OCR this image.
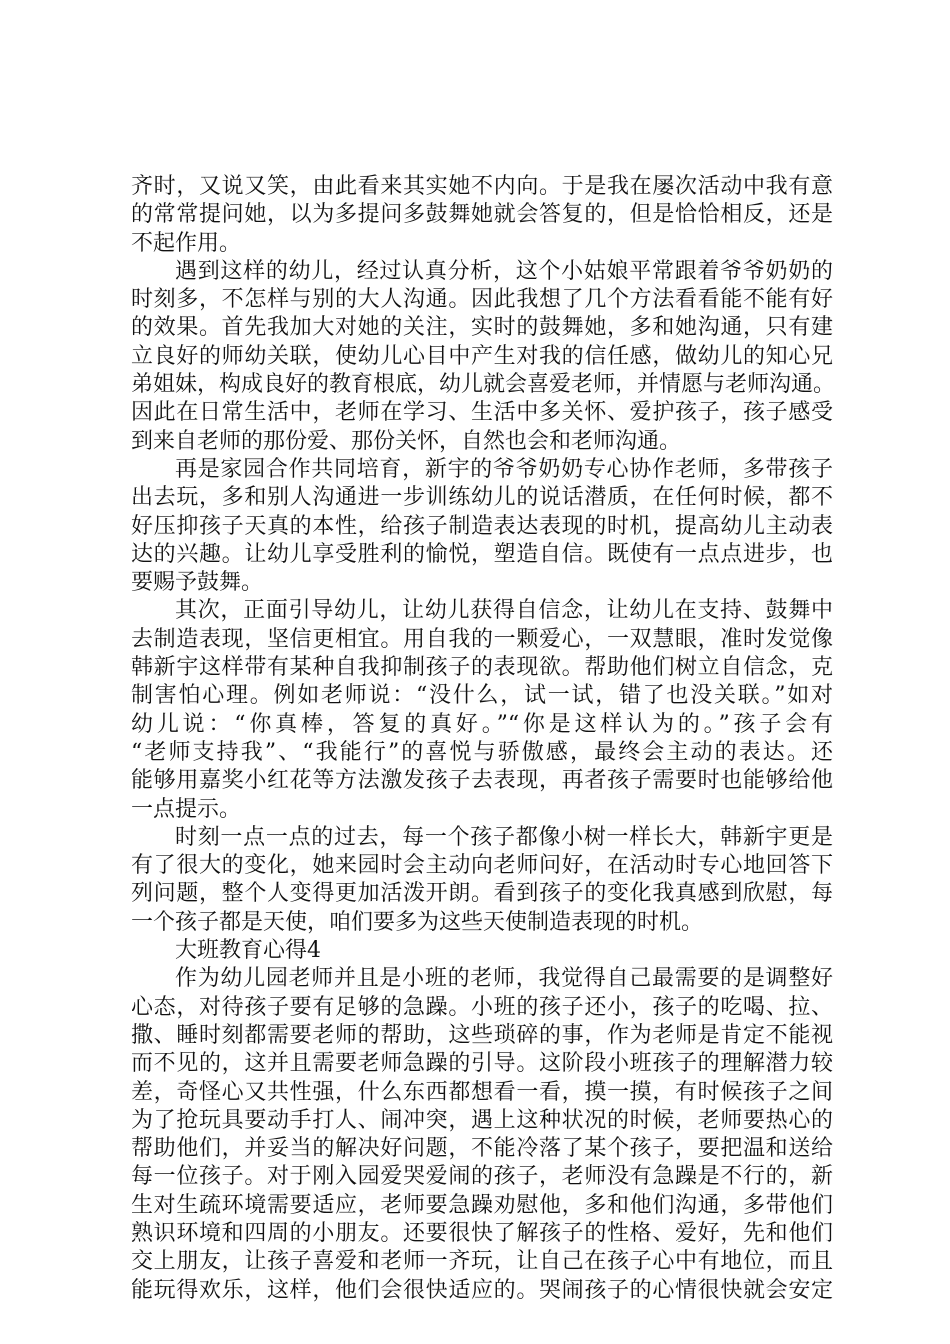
齐时，又说又笑，由此看来其实她不内向。于是我在屡次活动中我有意
的常常提问她，以为多提问多鼓舞她就会答复的，但是恰恰相反，还是
不起作用。
遇到这样的幼儿，经过认真分析，这个小姑娘平常跟着爷爷奶奶的
时刻多，不怎样与别的大人沟通。因此我想了几个方法看看能不能有好
的效果。首先我加大对她的关注，实时的鼓舞她，多和她沟通，只有建
立良好的师幼关联，使幼儿心目中产生对我的信任感，做幼儿的知心兄
弟姐妹，构成良好的教育根底，幼儿就会喜爱老师，并情愿与老师沟通。
因此在日常生活中，老师在学习、生活中多关怀、爱护孩子，孩子感受
到来自老师的那份爱、那份关怀，自然也会和老师沟通。
再是家园合作共同培育，新宇的爷爷奶奶专心协作老师，多带孩子
出去玩，多和别人沟通进一步训练幼儿的说话潜质，在任何时候，都不
好压抑孩子天真的本性，给孩子制造表达表现的时机，提高幼儿主动表
达的兴趣。让幼儿享受胜利的愉悦，塑造自信。既使有一点点进步，也
要赐予鼓舞。
其次，正面引导幼儿，让幼儿获得自信念，让幼儿在支持、鼓舞中
去制造表现，坚信更相宜。用自我的一颗爱心，一双慧眼，准时发觉像
韩新宇这样带有某种自我抑制孩子的表现欲。帮助他们树立自信念，克
制害怕心理。例如老师说：“没什么，试一试，错了也没关联。”如对
幼儿说：“你真棒，答复的真好。”“你是这样认为的。”孩子会有
“老师支持我”、“我能行”的喜悦与骄傲感，最终会主动的表达。还
能够用嘉奖小红花等方法激发孩子去表现，再者孩子需要时也能够给他
一点提示。
时刻一点一点的过去，每一个孩子都像小树一样长大，韩新宇更是
有了很大的变化，她来园时会主动向老师问好，在活动时专心地回答下
列问题，整个人变得更加活泼开朗。看到孩子的变化我真感到欣慰，每
一个孩子都是天使，咱们要多为这些天使制造表现的时机。
大班教育心得4
作为幼儿园老师并且是小班的老师，我觉得自己最需要的是调整好
心态，对待孩子要有足够的急躁。小班的孩子还小，孩子的吃喝、拉、
撒、睡时刻都需要老师的帮助，这些琐碎的事，作为老师是肯定不能视
而不见的，这并且需要老师急躁的引导。这阶段小班孩子的理解潜力较
差，奇怪心又共性强，什么东西都想看一看，摸一摸，有时候孩子之间
为了抢玩具要动手打人、闹冲突，遇上这种状况的时候，老师要热心的
帮助他们，并妥当的解决好问题，不能冷落了某个孩子，要把温和送给
每一位孩子。对于刚入园爱哭爱闹的孩子，老师没有急躁是不行的，新
生对生疏环境需要适应，老师要急躁劝慰他，多和他们沟通，多带他们
熟识环境和四周的小朋友。还要很快了解孩子的性格、爱好，先和他们
交上朋友，让孩子喜爱和老师一齐玩，让自己在孩子心中有地位，而且
能玩得欢乐，这样，他们会很快适应的。哭闹孩子的心情很快就会安定
